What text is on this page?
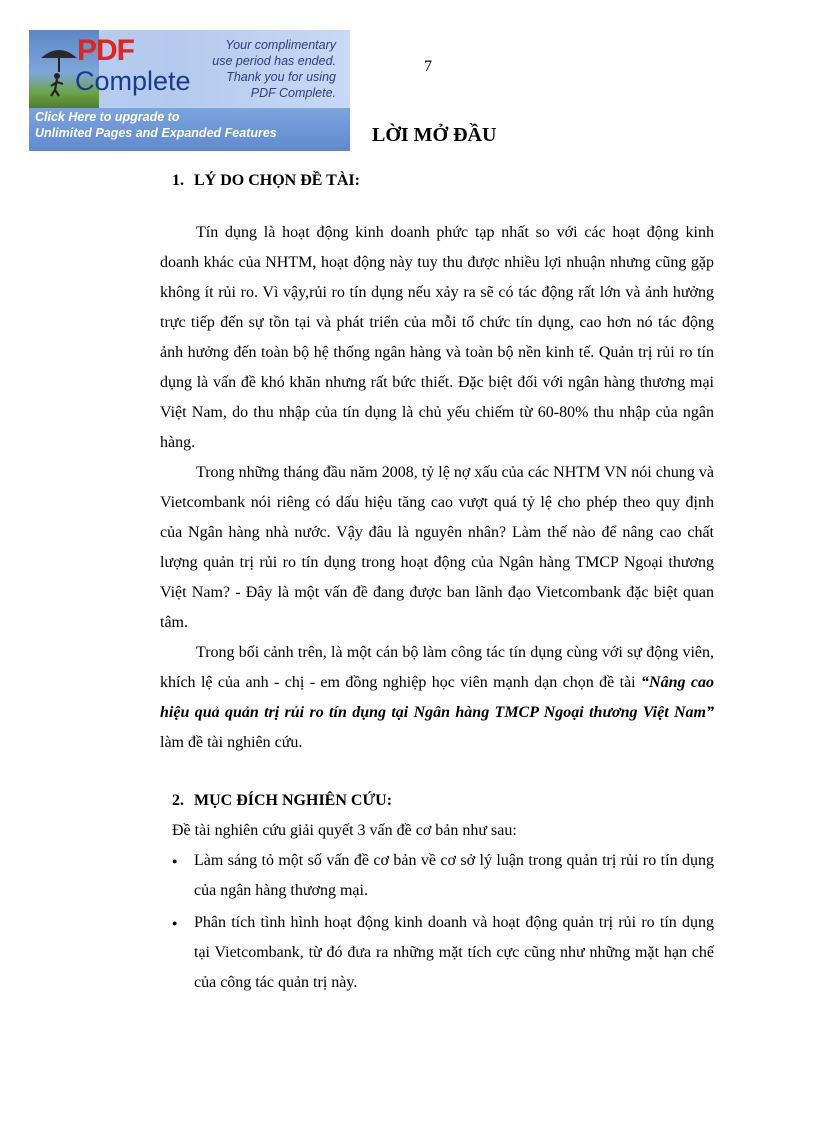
PDF
Complete
Your complimentary
use period has ended.
Thank you for using
PDF Complete.
Click Here to upgrade to
Unlimited Pages and Expanded Features
7
LỜI MỞ ĐẦU
1. LÝ DO CHỌN ĐỀ TÀI:

Tín dụng là hoạt động kinh doanh phức tạp nhất so với các hoạt động kinh doanh khác của NHTM, hoạt động này tuy thu được nhiều lợi nhuận nhưng cũng gặp không ít rủi ro. Vì vậy,rủi ro tín dụng nếu xảy ra sẽ có tác động rất lớn và ảnh hưởng trực tiếp đến sự tồn tại và phát triển của mỗi tổ chức tín dụng, cao hơn nó tác động ảnh hưởng đến toàn bộ hệ thống ngân hàng và toàn bộ nền kinh tế. Quản trị rủi ro tín dụng là vấn đề khó khăn nhưng rất bức thiết. Đặc biệt đối với ngân hàng thương mại Việt Nam, do thu nhập của tín dụng là chủ yếu chiếm từ 60-80% thu nhập của ngân hàng.

Trong những tháng đầu năm 2008, tỷ lệ nợ xấu của các NHTM VN nói chung và Vietcombank nói riêng có dấu hiệu tăng cao vượt quá tỷ lệ cho phép theo quy định của Ngân hàng nhà nước. Vậy đâu là nguyên nhân? Làm thế nào để nâng cao chất lượng quản trị rủi ro tín dụng trong hoạt động của Ngân hàng TMCP Ngoại thương Việt Nam? - Đây là một vấn đề đang được ban lãnh đạo Vietcombank đặc biệt quan tâm.

Trong bối cảnh trên, là một cán bộ làm công tác tín dụng cùng với sự động viên, khích lệ của anh - chị - em đồng nghiệp học viên mạnh dạn chọn đề tài “Nâng cao hiệu quả quản trị rủi ro tín dụng tại Ngân hàng TMCP Ngoại thương Việt Nam” làm đề tài nghiên cứu.

2. MỤC ĐÍCH NGHIÊN CỨU:

Đề tài nghiên cứu giải quyết 3 vấn đề cơ bản như sau:

●	Làm sáng tỏ một số vấn đề cơ bản về cơ sở lý luận trong quản trị rủi ro tín dụng của ngân hàng thương mại.
●	Phân tích tình hình hoạt động kinh doanh và hoạt động quản trị rủi ro tín dụng tại Vietcombank, từ đó đưa ra những mặt tích cực cũng như những mặt hạn chế của công tác quản trị này.
